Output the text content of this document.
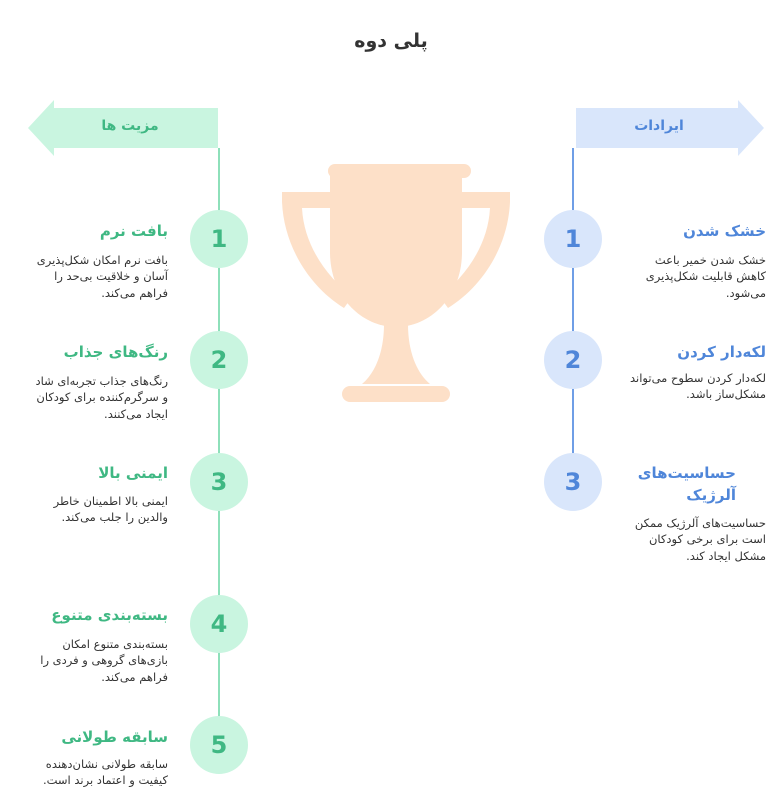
پلی دوه
مزیت ها	ایرادات
1
بافت نرم
بافت نرم امکان شکل‌پذیری آسان و خلاقیت بی‌حد را فراهم می‌کند.
2
رنگ‌های جذاب
رنگ‌های جذاب تجربه‌ای شاد و سرگرم‌کننده برای کودکان ایجاد می‌کنند.
3
ایمنی بالا
ایمنی بالا اطمینان خاطر والدین را جلب می‌کند.
4
بسته‌بندی متنوع
بسته‌بندی متنوع امکان بازی‌های گروهی و فردی را فراهم می‌کند.
5
سابقه طولانی
سابقه طولانی نشان‌دهنده کیفیت و اعتماد برند است.
1	خشک شدن
خشک شدن خمیر باعث کاهش قابلیت شکل‌پذیری می‌شود.
2	لکه‌دار کردن
لکه‌دار کردن سطوح می‌تواند مشکل‌ساز باشد.
3	حساسیت‌های آلرژیک
حساسیت‌های آلرژیک ممکن است برای برخی کودکان مشکل ایجاد کند.
